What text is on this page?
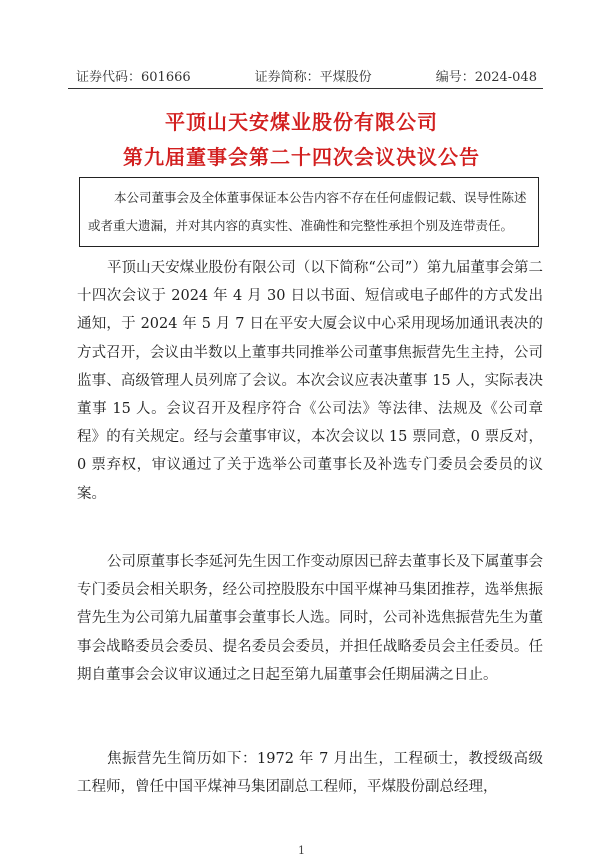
证券代码：601666	证券简称：平煤股份	编号：2024-048
平顶山天安煤业股份有限公司
第九届董事会第二十四次会议决议公告

本公司董事会及全体董事保证本公告内容不存在任何虚假记载、误导性陈述或者重大遗漏，并对其内容的真实性、准确性和完整性承担个别及连带责任。

平顶山天安煤业股份有限公司（以下简称“公司”）第九届董事会第二十四次会议于 2024 年 4 月 30 日以书面、短信或电子邮件的方式发出通知，于 2024 年 5 月 7 日在平安大厦会议中心采用现场加通讯表决的方式召开，会议由半数以上董事共同推举公司董事焦振营先生主持，公司监事、高级管理人员列席了会议。本次会议应表决董事 15 人，实际表决董事 15 人。会议召开及程序符合《公司法》等法律、法规及《公司章程》的有关规定。经与会董事审议，本次会议以 15 票同意，0 票反对，0 票弃权，审议通过了关于选举公司董事长及补选专门委员会委员的议案。

公司原董事长李延河先生因工作变动原因已辞去董事长及下属董事会专门委员会相关职务，经公司控股股东中国平煤神马集团推荐，选举焦振营先生为公司第九届董事会董事长人选。同时，公司补选焦振营先生为董事会战略委员会委员、提名委员会委员，并担任战略委员会主任委员。任期自董事会会议审议通过之日起至第九届董事会任期届满之日止。

焦振营先生简历如下：1972 年 7 月出生，工程硕士，教授级高级工程师，曾任中国平煤神马集团副总工程师，平煤股份副总经理，

1
